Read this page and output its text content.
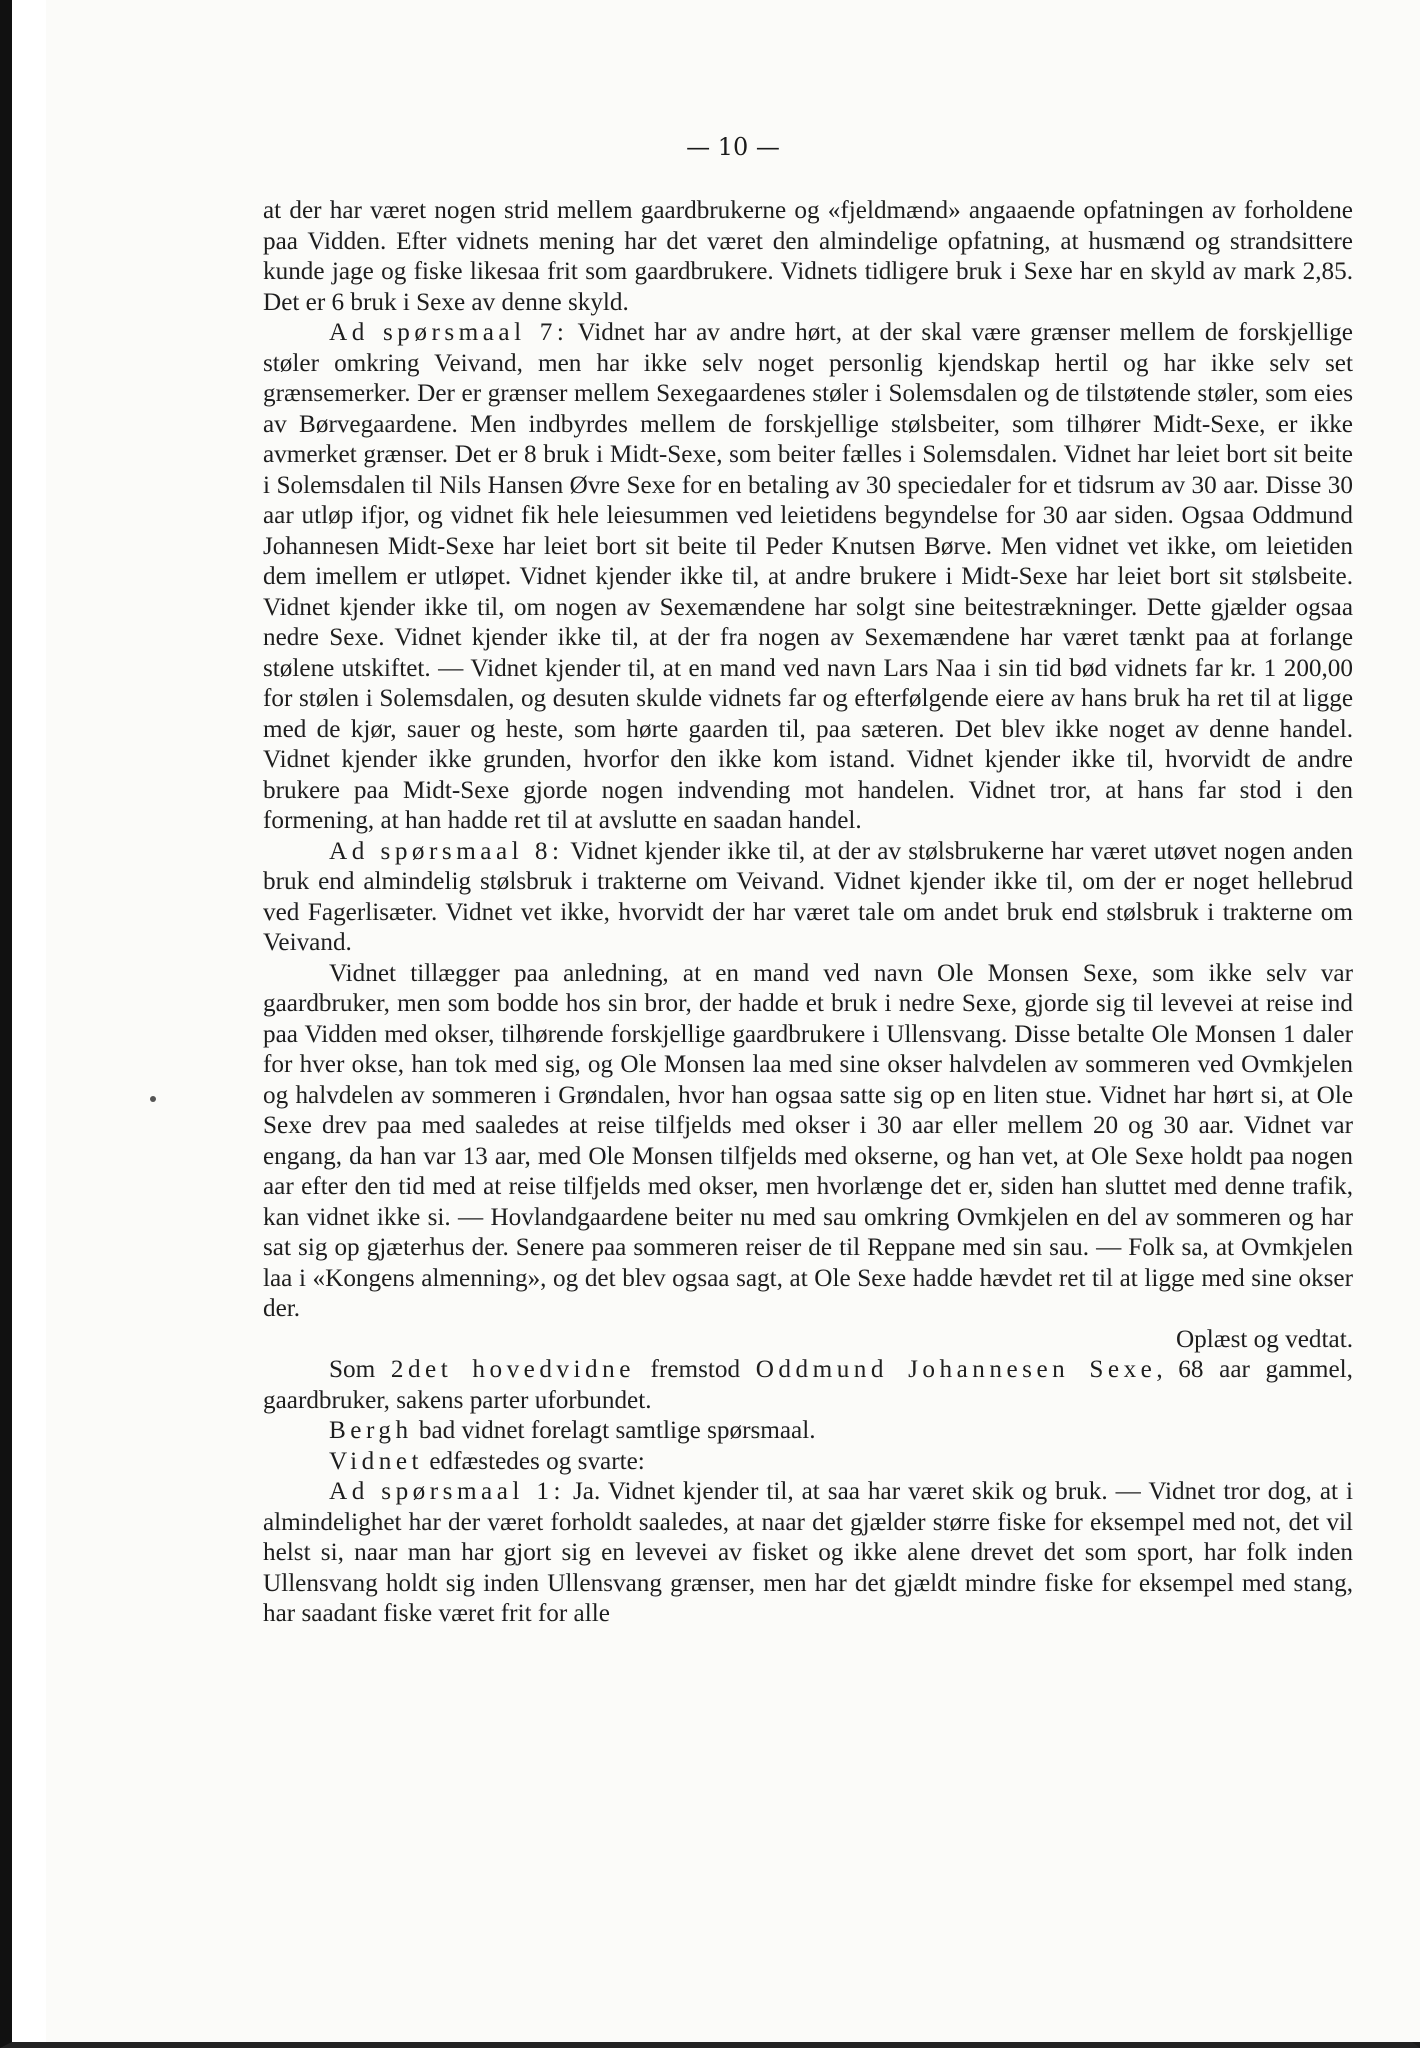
— 10 —

at der har været nogen strid mellem gaardbrukerne og «fjeldmænd» angaaende opfatningen av forholdene paa Vidden. Efter vidnets mening har det været den almindelige opfatning, at husmænd og strandsittere kunde jage og fiske likesaa frit som gaardbrukere. Vidnets tidligere bruk i Sexe har en skyld av mark 2,85. Det er 6 bruk i Sexe av denne skyld.

Ad spørsmaal 7: Vidnet har av andre hørt, at der skal være grænser mellem de forskjellige støler omkring Veivand, men har ikke selv noget personlig kjendskap hertil og har ikke selv set grænsemerker. Der er grænser mellem Sexegaardenes støler i Solemsdalen og de tilstøtende støler, som eies av Børvegaardene. Men indbyrdes mellem de forskjellige stølsbeiter, som tilhører Midt-Sexe, er ikke avmerket grænser. Det er 8 bruk i Midt-Sexe, som beiter fælles i Solemsdalen. Vidnet har leiet bort sit beite i Solemsdalen til Nils Hansen Øvre Sexe for en betaling av 30 speciedaler for et tidsrum av 30 aar. Disse 30 aar utløp ifjor, og vidnet fik hele leiesummen ved leietidens begyndelse for 30 aar siden. Ogsaa Oddmund Johannesen Midt-Sexe har leiet bort sit beite til Peder Knutsen Børve. Men vidnet vet ikke, om leietiden dem imellem er utløpet. Vidnet kjender ikke til, at andre brukere i Midt-Sexe har leiet bort sit stølsbeite. Vidnet kjender ikke til, om nogen av Sexemændene har solgt sine beitestrækninger. Dette gjælder ogsaa nedre Sexe. Vidnet kjender ikke til, at der fra nogen av Sexemændene har været tænkt paa at forlange stølene utskiftet. — Vidnet kjender til, at en mand ved navn Lars Naa i sin tid bød vidnets far kr. 1 200,00 for stølen i Solemsdalen, og desuten skulde vidnets far og efterfølgende eiere av hans bruk ha ret til at ligge med de kjør, sauer og heste, som hørte gaarden til, paa sæteren. Det blev ikke noget av denne handel. Vidnet kjender ikke grunden, hvorfor den ikke kom istand. Vidnet kjender ikke til, hvorvidt de andre brukere paa Midt-Sexe gjorde nogen indvending mot handelen. Vidnet tror, at hans far stod i den formening, at han hadde ret til at avslutte en saadan handel.

Ad spørsmaal 8: Vidnet kjender ikke til, at der av stølsbrukerne har været utøvet nogen anden bruk end almindelig stølsbruk i trakterne om Veivand. Vidnet kjender ikke til, om der er noget hellebrud ved Fagerlisæter. Vidnet vet ikke, hvorvidt der har været tale om andet bruk end stølsbruk i trakterne om Veivand.

Vidnet tillægger paa anledning, at en mand ved navn Ole Monsen Sexe, som ikke selv var gaardbruker, men som bodde hos sin bror, der hadde et bruk i nedre Sexe, gjorde sig til levevei at reise ind paa Vidden med okser, tilhørende forskjellige gaardbrukere i Ullensvang. Disse betalte Ole Monsen 1 daler for hver okse, han tok med sig, og Ole Monsen laa med sine okser halvdelen av sommeren ved Ovmkjelen og halvdelen av sommeren i Grøndalen, hvor han ogsaa satte sig op en liten stue. Vidnet har hørt si, at Ole Sexe drev paa med saaledes at reise tilfjelds med okser i 30 aar eller mellem 20 og 30 aar. Vidnet var engang, da han var 13 aar, med Ole Monsen tilfjelds med okserne, og han vet, at Ole Sexe holdt paa nogen aar efter den tid med at reise tilfjelds med okser, men hvorlænge det er, siden han sluttet med denne trafik, kan vidnet ikke si. — Hovlandgaardene beiter nu med sau omkring Ovmkjelen en del av sommeren og har sat sig op gjæterhus der. Senere paa sommeren reiser de til Reppane med sin sau. — Folk sa, at Ovmkjelen laa i «Kongens almenning», og det blev ogsaa sagt, at Ole Sexe hadde hævdet ret til at ligge med sine okser der.

Oplæst og vedtat.

Som 2det hovedvidne fremstod Oddmund Johannesen Sexe, 68 aar gammel, gaardbruker, sakens parter uforbundet.

Bergh bad vidnet forelagt samtlige spørsmaal.

Vidnet edfæstedes og svarte:

Ad spørsmaal 1: Ja. Vidnet kjender til, at saa har været skik og bruk. — Vidnet tror dog, at i almindelighet har der været forholdt saaledes, at naar det gjælder større fiske for eksempel med not, det vil helst si, naar man har gjort sig en levevei av fisket og ikke alene drevet det som sport, har folk inden Ullensvang holdt sig inden Ullensvang grænser, men har det gjældt mindre fiske for eksempel med stang, har saadant fiske været frit for alle
